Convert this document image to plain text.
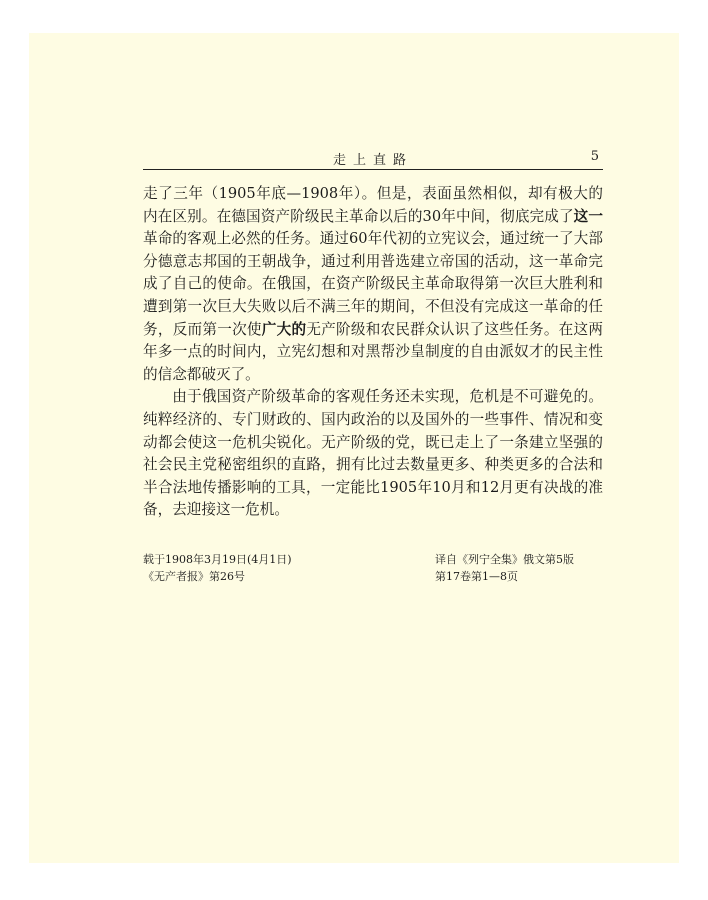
走上直路	5

走了三年（1905年底—1908年）。但是，表面虽然相似，却有极大的内在区别。在德国资产阶级民主革命以后的30年中间，彻底完成了这一革命的客观上必然的任务。通过60年代初的立宪议会，通过统一了大部分德意志邦国的王朝战争，通过利用普选建立帝国的活动，这一革命完成了自己的使命。在俄国，在资产阶级民主革命取得第一次巨大胜利和遭到第一次巨大失败以后不满三年的期间，不但没有完成这一革命的任务，反而第一次使广大的无产阶级和农民群众认识了这些任务。在这两年多一点的时间内，立宪幻想和对黑帮沙皇制度的自由派奴才的民主性的信念都破灭了。

由于俄国资产阶级革命的客观任务还未实现，危机是不可避免的。纯粹经济的、专门财政的、国内政治的以及国外的一些事件、情况和变动都会使这一危机尖锐化。无产阶级的党，既已走上了一条建立坚强的社会民主党秘密组织的直路，拥有比过去数量更多、种类更多的合法和半合法地传播影响的工具，一定能比1905年10月和12月更有决战的准备，去迎接这一危机。

载于1908年3月19日(4月1日)
《无产者报》第26号
译自《列宁全集》俄文第5版
第17卷第1—8页
